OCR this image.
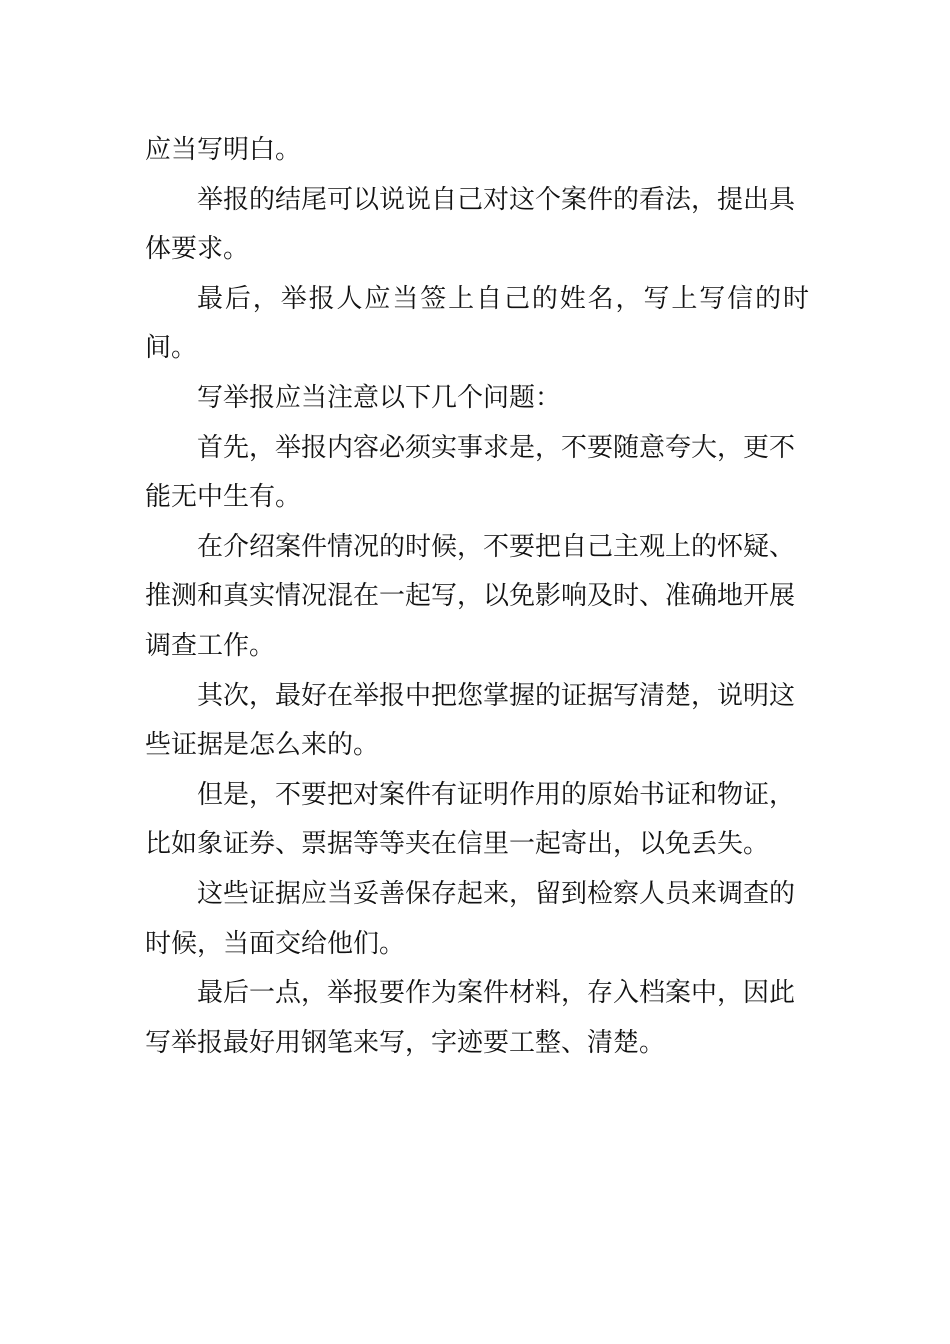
应当写明白。

举报的结尾可以说说自己对这个案件的看法，提出具
体要求。

最后，举报人应当签上自己的姓名，写上写信的时间。

写举报应当注意以下几个问题：

首先，举报内容必须实事求是，不要随意夸大，更不
能无中生有。

在介绍案件情况的时候，不要把自己主观上的怀疑、
推测和真实情况混在一起写，以免影响及时、准确地开展
调查工作。

其次，最好在举报中把您掌握的证据写清楚，说明这
些证据是怎么来的。

但是，不要把对案件有证明作用的原始书证和物证，
比如象证券、票据等等夹在信里一起寄出，以免丢失。

这些证据应当妥善保存起来，留到检察人员来调查的
时候，当面交给他们。

最后一点，举报要作为案件材料，存入档案中，因此
写举报最好用钢笔来写，字迹要工整、清楚。
